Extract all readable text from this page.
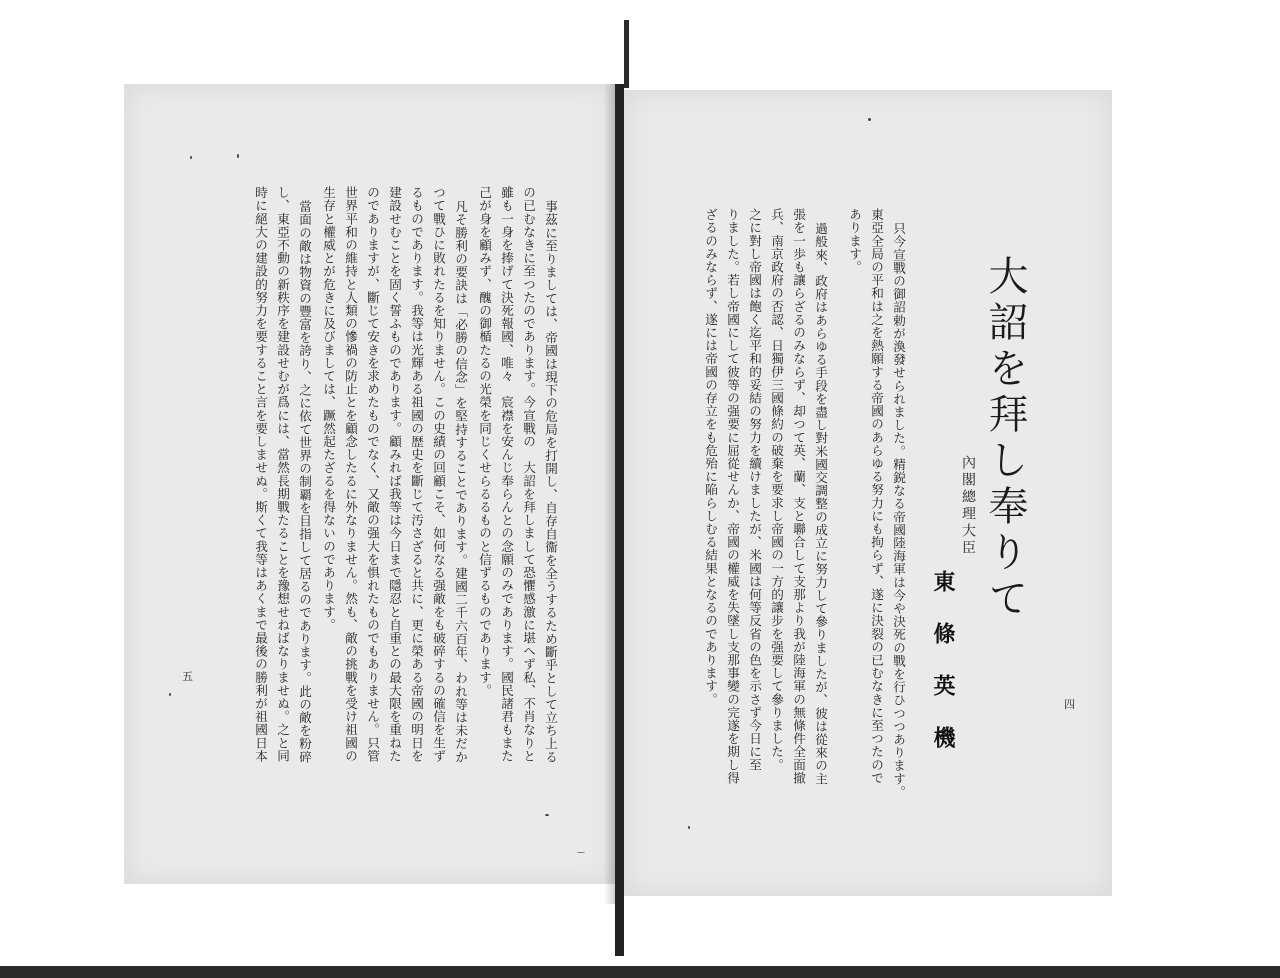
大詔を拜し奉りて
內閣總理大臣
東條英機
只今宣戰の御詔勅が渙發せられました。精鋭なる帝國陸海軍は今や決死の戰を行ひつつあります。
東亞全局の平和は之を熱願する帝國のあらゆる努力にも拘らず、遂に決裂の已むなきに至つたので
あります。
過般來、政府はあらゆる手段を盡し對米國交調整の成立に努力して參りましたが、彼は從來の主
張を一歩も讓らざるのみならず、却つて英、蘭、支と聯合して支那より我が陸海軍の無條件全面撤
兵、南京政府の否認、日獨伊三國條約の破棄を要求し帝國の一方的讓步を强要して參りました。
之に對し帝國は飽く迄平和的妥結の努力を續けましたが、米國は何等反省の色を示さず今日に至
りました。若し帝國にして彼等の强要に屈從せんか、帝國の權威を失墜し支那事變の完遂を期し得
ざるのみならず、遂には帝國の存立をも危殆に陥らしむる結果となるのであります。
事茲に至りましては、帝國は現下の危局を打開し、自存自衞を全うするため斷乎として立ち上る
の已むなきに至つたのであります。今宣戰の　大詔を拜しまして恐懼感激に堪へず私、不肖なりと
雖も一身を捧げて決死報國、唯々　宸襟を安んじ奉らんとの念願のみであります。國民諸君もまた
己が身を顧みず、醜の御楯たるの光榮を同じくせらるるものと信ずるものであります。
凡そ勝利の要訣は「必勝の信念」を堅持することであります。建國二千六百年、われ等は未だか
つて戰ひに敗れたるを知りません。この史績の回顧こそ、如何なる强敵をも破碎するの確信を生ず
るものであります。我等は光輝ある祖國の歴史を斷じて汚さざると共に、更に榮ある帝國の明日を
建設せむことを固く誓ふものであります。顧みれば我等は今日まで隱忍と自重との最大限を重ねた
のでありますが、斷じて安きを求めたものでなく、又敵の强大を惧れたものでもありません。只管
世界平和の維持と人類の慘禍の防止とを顧念したるに外なりません。然も、敵の挑戰を受け祖國の
生存と權威とが危きに及びましては、蹶然起たざるを得ないのであります。
當面の敵は物資の豐富を誇り、之に依て世界の制覇を目指して居るのであります。此の敵を粉碎
し、東亞不動の新秩序を建設せむが爲には、當然長期戰たることを豫想せねばなりませぬ。之と同
時に絕大の建設的努力を要すること言を要しませぬ。斯くて我等はあくまで最後の勝利が祖國日本	四
五
